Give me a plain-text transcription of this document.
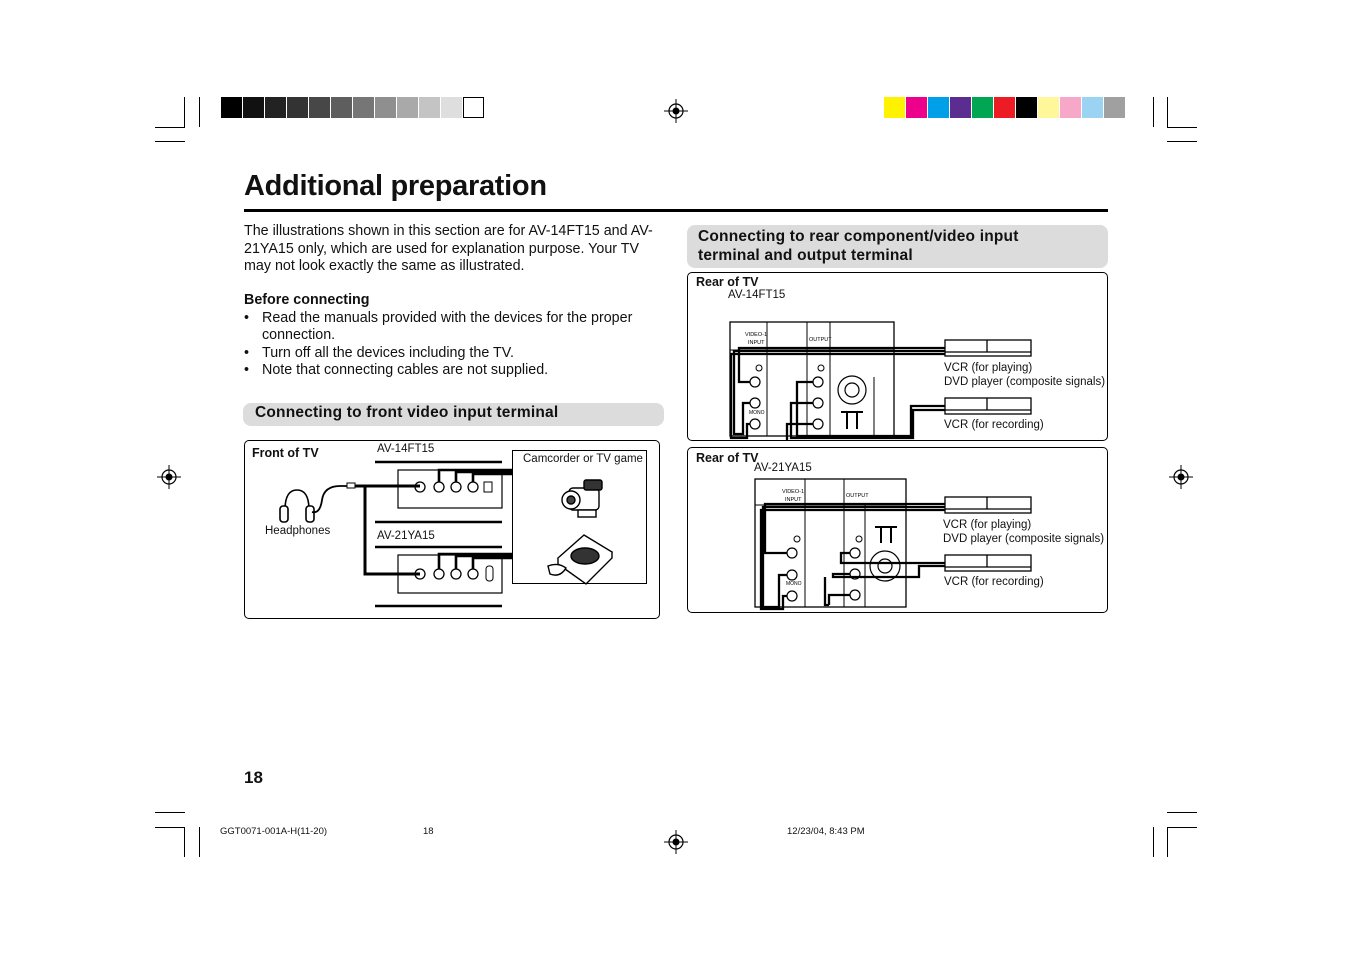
Additional preparation
The illustrations shown in this section are for AV-14FT15 and AV-21YA15 only, which are used for explanation purpose. Your TV may not look exactly the same as illustrated.
Before connecting
• Read the manuals provided with the devices for the proper connection.
• Turn off all the devices including the TV.
• Note that connecting cables are not supplied.
Connecting to front video input terminal
Front of TV	AV-14FT15
AV-21YA15
Headphones
Camcorder or TV game
Connecting to rear component/video input
terminal and output terminal
Rear of TV
AV-14FT15
VCR (for playing)
DVD player (composite signals)
VCR (for recording)
VIDEO-1
INPUT	OUTPUT
MONO
Rear of TV
AV-21YA15
VCR (for playing)
DVD player (composite signals)
VCR (for recording)
VIDEO-1
INPUT
OUTPUT
MONO
18
GGT0071-001A-H(11-20)	18	12/23/04, 8:43 PM
